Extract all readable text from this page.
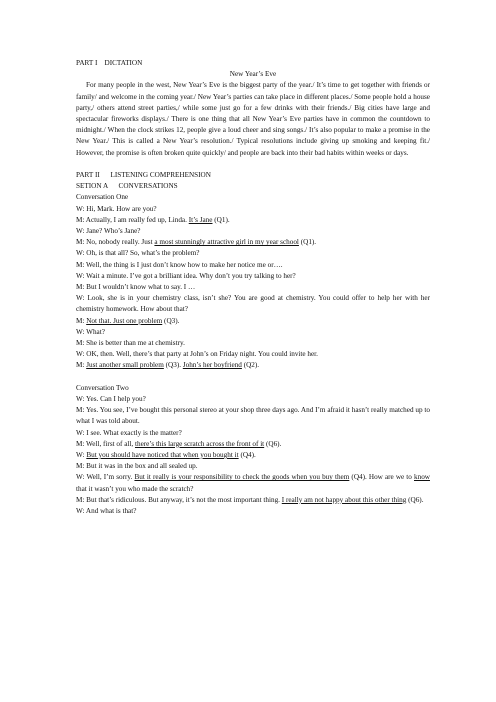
PART I    DICTATION
New Year’s Eve
For many people in the west, New Year’s Eve is the biggest party of the year./ It’s time to get together with friends or family/ and welcome in the coming year./ New Year’s parties can take place in different places./ Some people hold a house party,/ others attend street parties,/ while some just go for a few drinks with their friends./ Big cities have large and spectacular fireworks displays./ There is one thing that all New Year’s Eve parties have in common the countdown to midnight./ When the clock strikes 12, people give a loud cheer and sing songs./ It’s also popular to make a promise in the New Year./ This is called a New Year’s resolution./ Typical resolutions include giving up smoking and keeping fit./ However, the promise is often broken quite quickly/ and people are back into their bad habits within weeks or days.
PART II      LISTENING COMPREHENSION
SETION A      CONVERSATIONS
Conversation One
W: Hi, Mark. How are you?
M: Actually, I am really fed up, Linda. It’s Jane (Q1).
W: Jane? Who’s Jane?
M: No, nobody really. Just a most stunningly attractive girl in my year school (Q1).
W: Oh, is that all? So, what’s the problem?
M: Well, the thing is I just don’t know how to make her notice me or….
W: Wait a minute. I’ve got a brilliant idea. Why don’t you try talking to her?
M: But I wouldn’t know what to say. I …
W: Look, she is in your chemistry class, isn’t she? You are good at chemistry. You could offer to help her with her chemistry homework. How about that?
M: Not that. Just one problem (Q3).
W: What?
M: She is better than me at chemistry.
W: OK, then. Well, there’s that party at John’s on Friday night. You could invite her.
M: Just another small problem (Q3). John’s her boyfriend (Q2).
Conversation Two
W: Yes. Can I help you?
M: Yes. You see, I’ve bought this personal stereo at your shop three days ago. And I’m afraid it hasn’t really matched up to what I was told about.
W: I see. What exactly is the matter?
M: Well, first of all, there’s this large scratch across the front of it (Q6).
W: But you should have noticed that when you bought it (Q4).
M: But it was in the box and all sealed up.
W: Well, I’m sorry. But it really is your responsibility to check the goods when you buy them (Q4). How are we to know that it wasn’t you who made the scratch?
M: But that’s ridiculous. But anyway, it’s not the most important thing. I really am not happy about this other thing (Q6).
W: And what is that?
